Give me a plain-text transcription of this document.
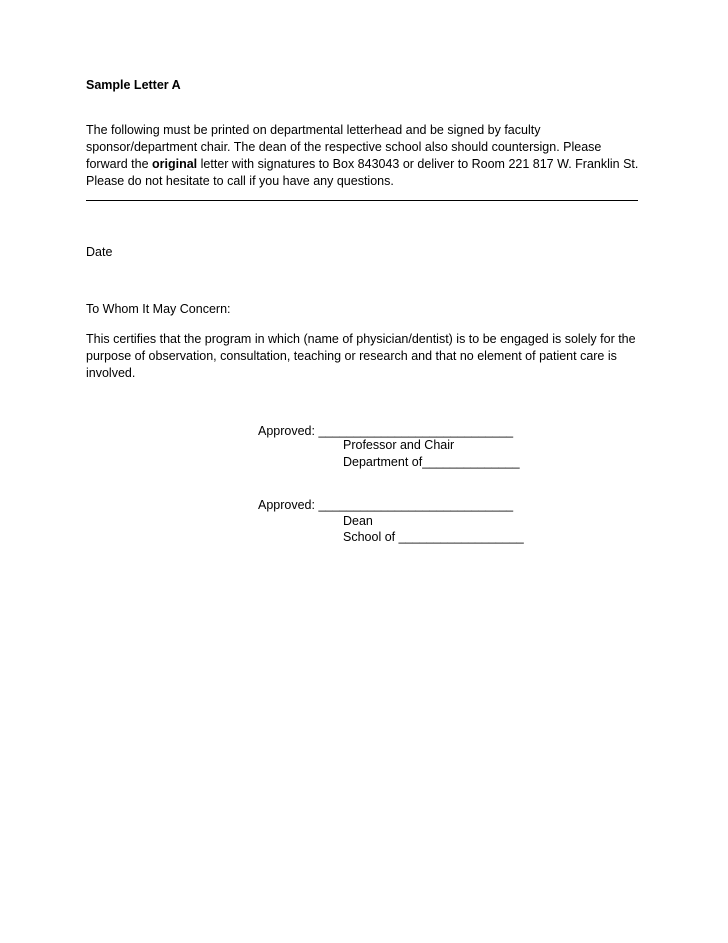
Sample Letter A
The following must be printed on departmental letterhead and be signed by faculty sponsor/department chair. The dean of the respective school also should countersign. Please forward the original letter with signatures to Box 843043 or deliver to Room 221 817 W. Franklin St. Please do not hesitate to call if you have any questions.
Date
To Whom It May Concern:
This certifies that the program in which (name of physician/dentist) is to be engaged is solely for the purpose of observation, consultation, teaching or research and that no element of patient care is involved.
Approved: ____________________________
Professor and Chair
Department of______________
Approved: ____________________________
Dean
School of __________________
